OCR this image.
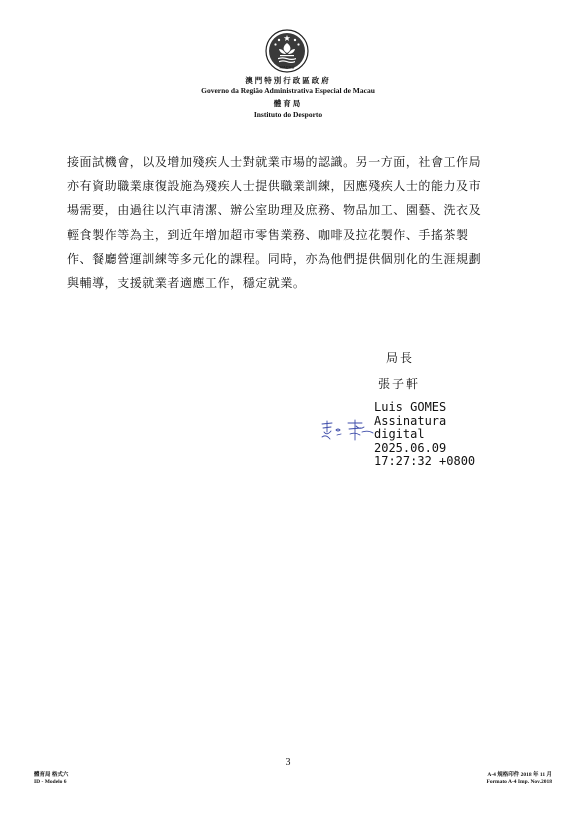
MACAU
澳門特別行政區政府
Governo da Região Administrativa Especial de Macau
體育局
Instituto do Desporto
接面試機會，以及增加殘疾人士對就業市場的認識。另一方面，社會工作局
亦有資助職業康復設施為殘疾人士提供職業訓練，因應殘疾人士的能力及市
場需要，由過往以汽車清潔、辦公室助理及庶務、物品加工、園藝、洗衣及
輕食製作等為主，到近年增加超市零售業務、咖啡及拉花製作、手搖茶製
作、餐廳營運訓練等多元化的課程。同時，亦為他們提供個別化的生涯規劃
與輔導，支援就業者適應工作，穩定就業。
局長
張子軒
Luis GOMES
Assinatura
digital
2025.06.09
17:27:32 +0800
3
體育局 格式六
ID - Modelo 6
A-4 規格印件 2018 年 11 月
Formato A-4 Imp. Nov.2018
